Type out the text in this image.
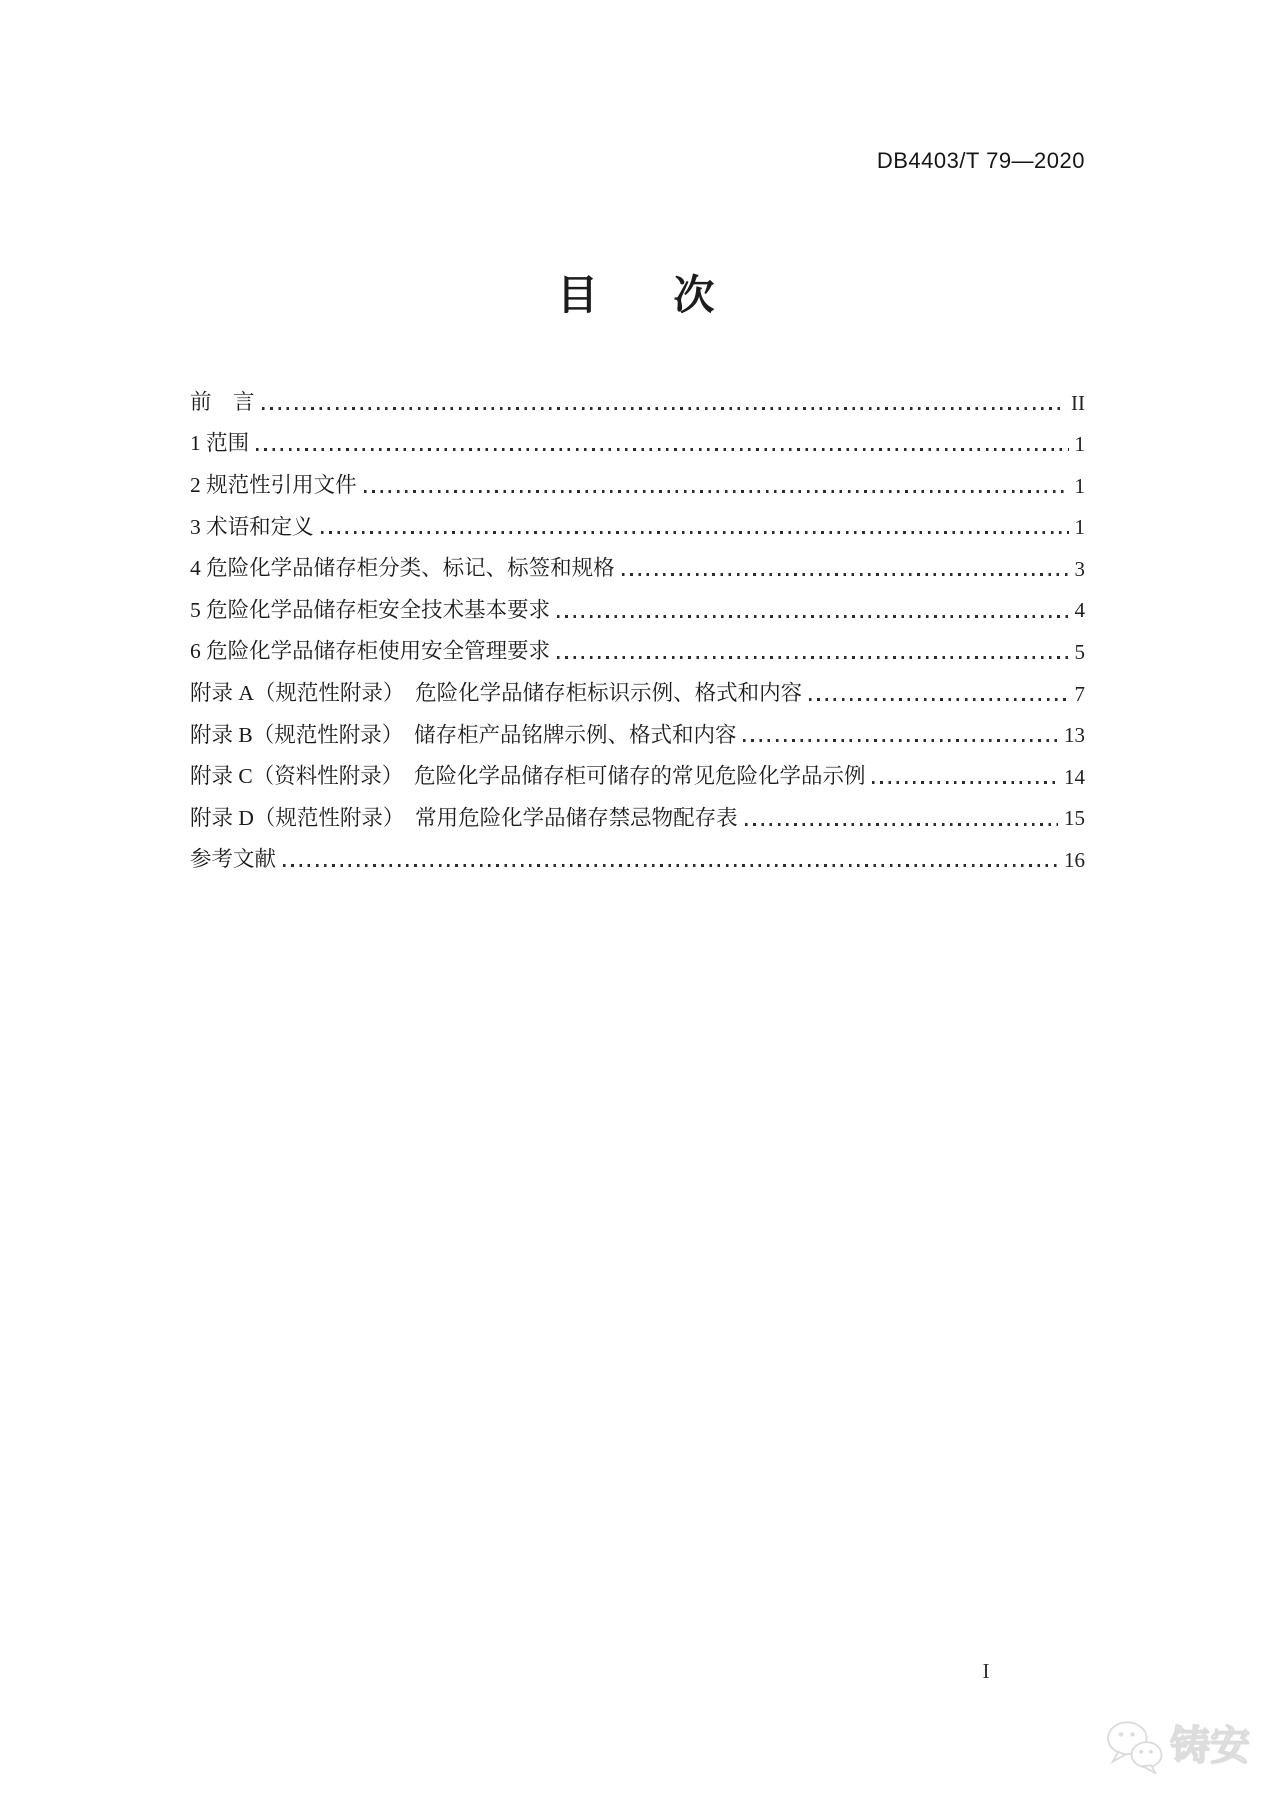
DB4403/T 79—2020
目　次
前　言	II
1 范围	1
2 规范性引用文件	1
3 术语和定义	1
4 危险化学品储存柜分类、标记、标签和规格	3
5 危险化学品储存柜安全技术基本要求	4
6 危险化学品储存柜使用安全管理要求	5
附录 A（规范性附录）　危险化学品储存柜标识示例、格式和内容	7
附录 B（规范性附录）　储存柜产品铭牌示例、格式和内容	13
附录 C（资料性附录）　危险化学品储存柜可储存的常见危险化学品示例	14
附录 D（规范性附录）　常用危险化学品储存禁忌物配存表	15
参考文献	16
I
铸安
